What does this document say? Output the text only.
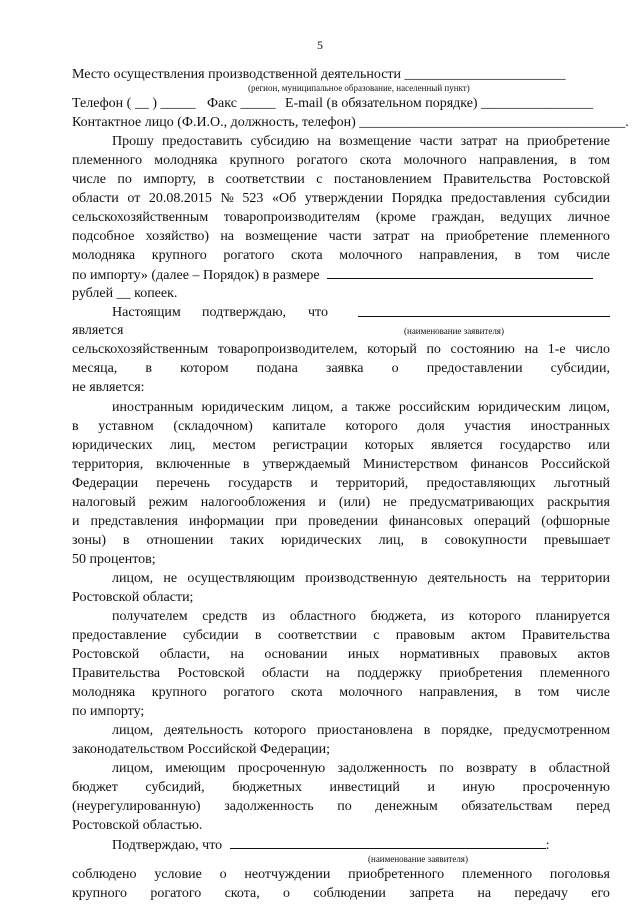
5
Место осуществления производственной деятельности _______________________
(регион, муниципальное образование, населенный пункт)
Телефон ( __ ) _____ Факс _____ E-mail (в обязательном порядке) ________________
Контактное лицо (Ф.И.О., должность, телефон) ______________________________________.
Прошу предоставить субсидию на возмещение части затрат на приобретение
племенного молодняка крупного рогатого скота молочного направления, в том
числе по импорту, в соответствии с постановлением Правительства Ростовской
области от 20.08.2015 № 523 «Об утверждении Порядка предоставления субсидии
сельскохозяйственным товаропроизводителям (кроме граждан, ведущих личное
подсобное хозяйство) на возмещение части затрат на приобретение племенного
молодняка крупного рогатого скота молочного направления, в том числе
по импорту» (далее – Порядок) в размере
рублей __ копеек.
Настоящим подтверждаю, что
является	(наименование заявителя)
сельскохозяйственным товаропроизводителем, который по состоянию на 1-е число
месяца, в котором подана заявка о предоставлении субсидии,
не является:
иностранным юридическим лицом, а также российским юридическим лицом,
в уставном (складочном) капитале которого доля участия иностранных
юридических лиц, местом регистрации которых является государство или
территория, включенные в утверждаемый Министерством финансов Российской
Федерации перечень государств и территорий, предоставляющих льготный
налоговый режим налогообложения и (или) не предусматривающих раскрытия
и представления информации при проведении финансовых операций (офшорные
зоны) в отношении таких юридических лиц, в совокупности превышает
50 процентов;
лицом, не осуществляющим производственную деятельность на территории
Ростовской области;
получателем средств из областного бюджета, из которого планируется
предоставление субсидии в соответствии с правовым актом Правительства
Ростовской области, на основании иных нормативных правовых актов
Правительства Ростовской области на поддержку приобретения племенного
молодняка крупного рогатого скота молочного направления, в том числе
по импорту;
лицом, деятельность которого приостановлена в порядке, предусмотренном
законодательством Российской Федерации;
лицом, имеющим просроченную задолженность по возврату в областной
бюджет субсидий, бюджетных инвестиций и иную просроченную
(неурегулированную) задолженность по денежным обязательствам перед
Ростовской областью.
Подтверждаю, что	:
(наименование заявителя)
соблюдено условие о неотчуждении приобретенного племенного поголовья
крупного рогатого скота, о соблюдении запрета на передачу его
